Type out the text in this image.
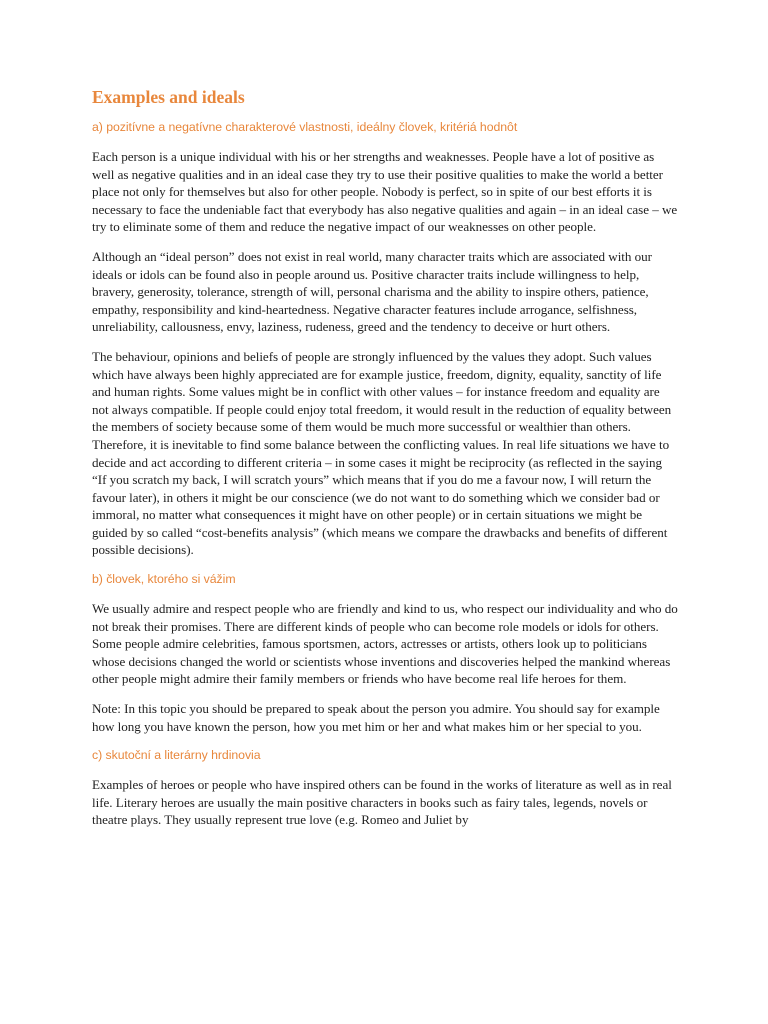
Examples and ideals
a) pozitívne a negatívne charakterové vlastnosti, ideálny človek, kritériá hodnôt

Each person is a unique individual with his or her strengths and weaknesses. People have a lot of positive as well as negative qualities and in an ideal case they try to use their positive qualities to make the world a better place not only for themselves but also for other people. Nobody is perfect, so in spite of our best efforts it is necessary to face the undeniable fact that everybody has also negative qualities and again – in an ideal case – we try to eliminate some of them and reduce the negative impact of our weaknesses on other people.

Although an “ideal person” does not exist in real world, many character traits which are associated with our ideals or idols can be found also in people around us. Positive character traits include willingness to help, bravery, generosity, tolerance, strength of will, personal charisma and the ability to inspire others, patience, empathy, responsibility and kind-heartedness. Negative character features include arrogance, selfishness, unreliability, callousness, envy, laziness, rudeness, greed and the tendency to deceive or hurt others.

The behaviour, opinions and beliefs of people are strongly influenced by the values they adopt. Such values which have always been highly appreciated are for example justice, freedom, dignity, equality, sanctity of life and human rights. Some values might be in conflict with other values – for instance freedom and equality are not always compatible. If people could enjoy total freedom, it would result in the reduction of equality between the members of society because some of them would be much more successful or wealthier than others. Therefore, it is inevitable to find some balance between the conflicting values. In real life situations we have to decide and act according to different criteria – in some cases it might be reciprocity (as reflected in the saying “If you scratch my back, I will scratch yours” which means that if you do me a favour now, I will return the favour later), in others it might be our conscience (we do not want to do something which we consider bad or immoral, no matter what consequences it might have on other people) or in certain situations we might be guided by so called “cost-benefits analysis” (which means we compare the drawbacks and benefits of different possible decisions).

b) človek, ktorého si vážim

We usually admire and respect people who are friendly and kind to us, who respect our individuality and who do not break their promises. There are different kinds of people who can become role models or idols for others. Some people admire celebrities, famous sportsmen, actors, actresses or artists, others look up to politicians whose decisions changed the world or scientists whose inventions and discoveries helped the mankind whereas other people might admire their family members or friends who have become real life heroes for them.

Note: In this topic you should be prepared to speak about the person you admire. You should say for example how long you have known the person, how you met him or her and what makes him or her special to you.

c) skutoční a literárny hrdinovia

Examples of heroes or people who have inspired others can be found in the works of literature as well as in real life. Literary heroes are usually the main positive characters in books such as fairy tales, legends, novels or theatre plays. They usually represent true love (e.g. Romeo and Juliet by
